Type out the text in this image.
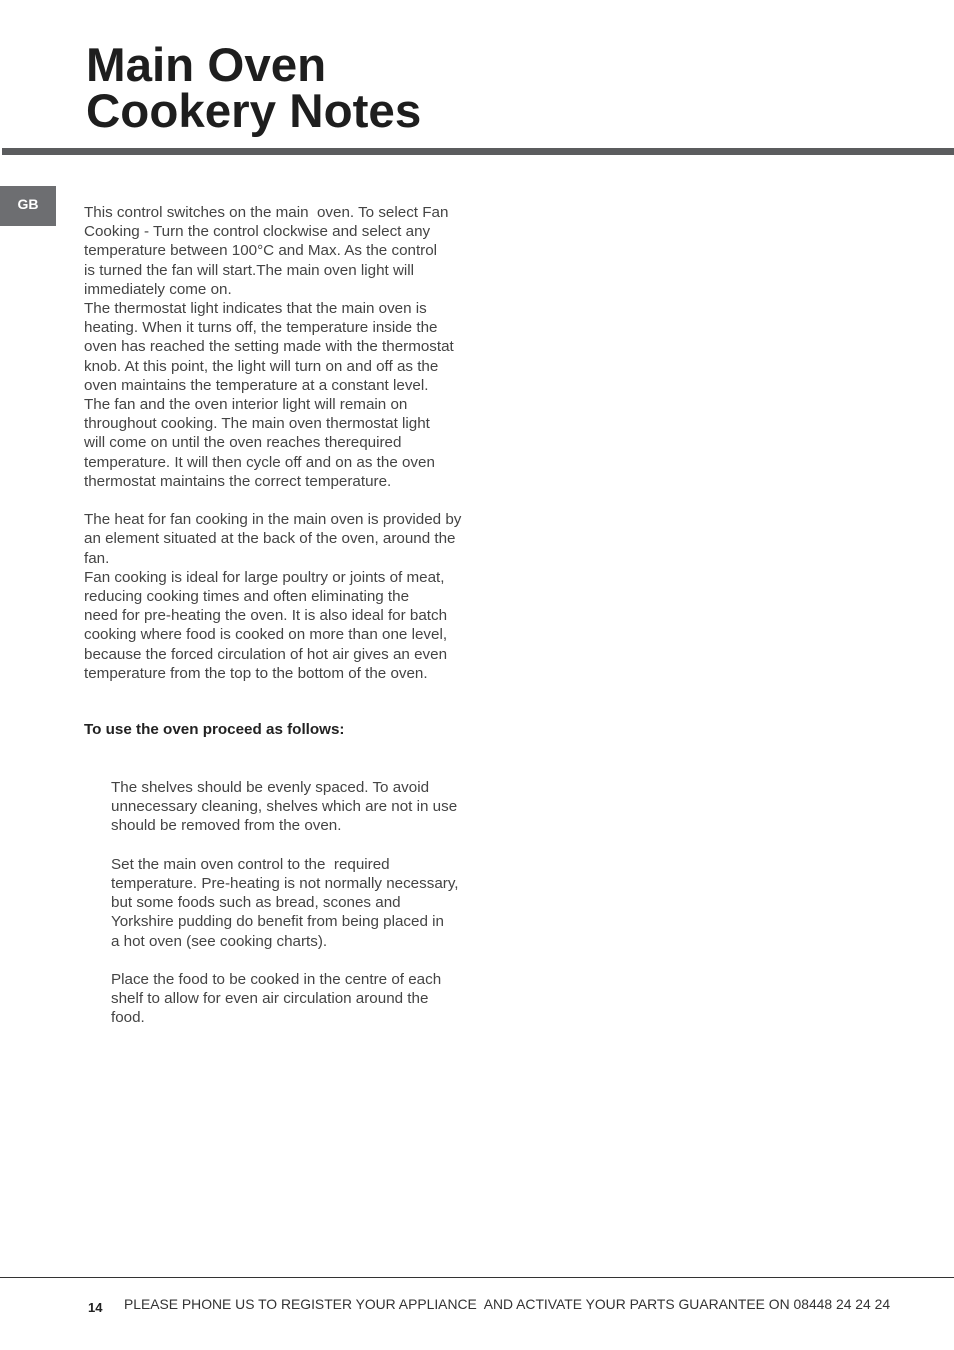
Main Oven
Cookery Notes
GB	This control switches on the main  oven. To select Fan
Cooking - Turn the control clockwise and select any
temperature between 100°C and Max. As the control
is turned the fan will start.The main oven light will
immediately come on.

The thermostat light indicates that the main oven is
heating. When it turns off, the temperature inside the
oven has reached the setting made with the thermostat
knob. At this point, the light will turn on and off as the
oven maintains the temperature at a constant level.

The fan and the oven interior light will remain on
throughout cooking. The main oven thermostat light
will come on until the oven reaches therequired
temperature. It will then cycle off and on as the oven
thermostat maintains the correct temperature.

The heat for fan cooking in the main oven is provided by
an element situated at the back of the oven, around the
fan.

Fan cooking is ideal for large poultry or joints of meat,
reducing cooking times and often eliminating the
need for pre-heating the oven. It is also ideal for batch
cooking where food is cooked on more than one level,
because the forced circulation of hot air gives an even
temperature from the top to the bottom of the oven.

To use the oven proceed as follows:
The shelves should be evenly spaced. To avoid
unnecessary cleaning, shelves which are not in use
should be removed from the oven.
Set the main oven control to the  required
temperature. Pre-heating is not normally necessary,
but some foods such as bread, scones and
Yorkshire pudding do benefit from being placed in
a hot oven (see cooking charts).
Place the food to be cooked in the centre of each
shelf to allow for even air circulation around the
food.
14 PLEASE PHONE US TO REGISTER YOUR APPLIANCE  AND ACTIVATE YOUR PARTS GUARANTEE ON 08448 24 24 24
